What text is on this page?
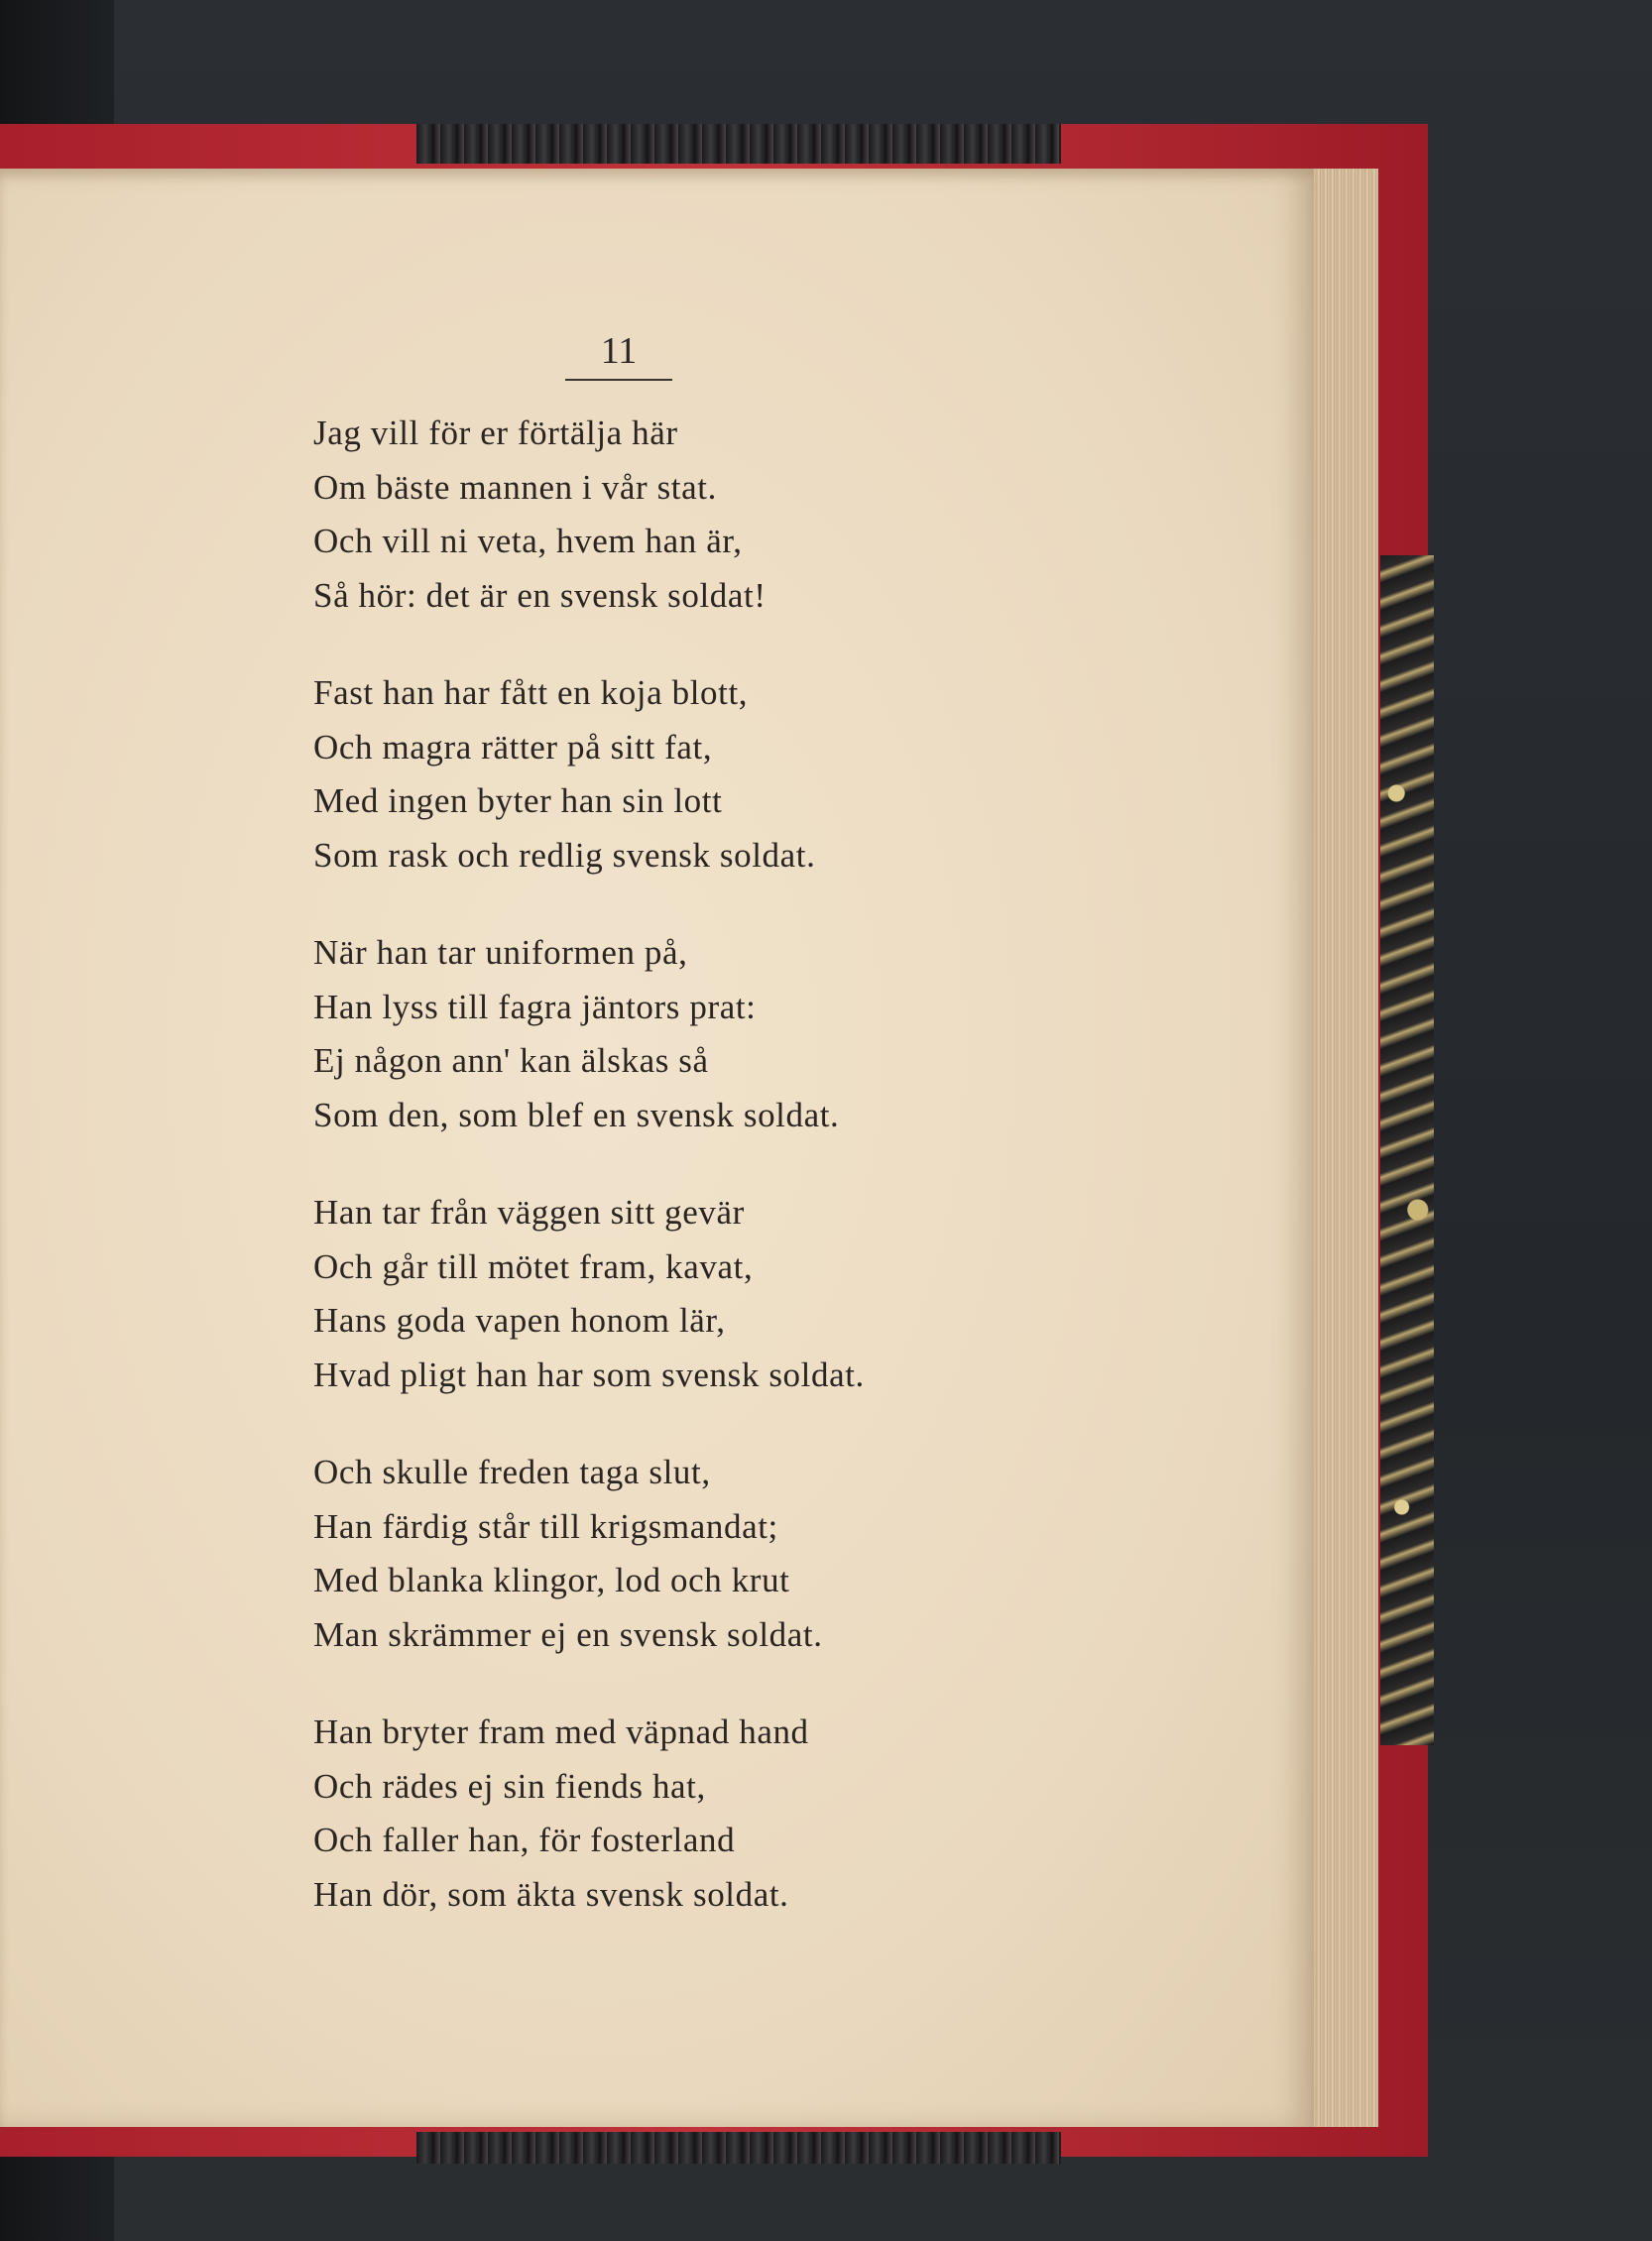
11
Jag vill för er förtälja här
Om bäste mannen i vår stat.
Och vill ni veta, hvem han är,
Så hör: det är en svensk soldat!
Fast han har fått en koja blott,
Och magra rätter på sitt fat,
Med ingen byter han sin lott
Som rask och redlig svensk soldat.
När han tar uniformen på,
Han lyss till fagra jäntors prat:
Ej någon ann' kan älskas så
Som den, som blef en svensk soldat.
Han tar från väggen sitt gevär
Och går till mötet fram, kavat,
Hans goda vapen honom lär,
Hvad pligt han har som svensk soldat.
Och skulle freden taga slut,
Han färdig står till krigsmandat;
Med blanka klingor, lod och krut
Man skrämmer ej en svensk soldat.
Han bryter fram med väpnad hand
Och rädes ej sin fiends hat,
Och faller han, för fosterland
Han dör, som äkta svensk soldat.
